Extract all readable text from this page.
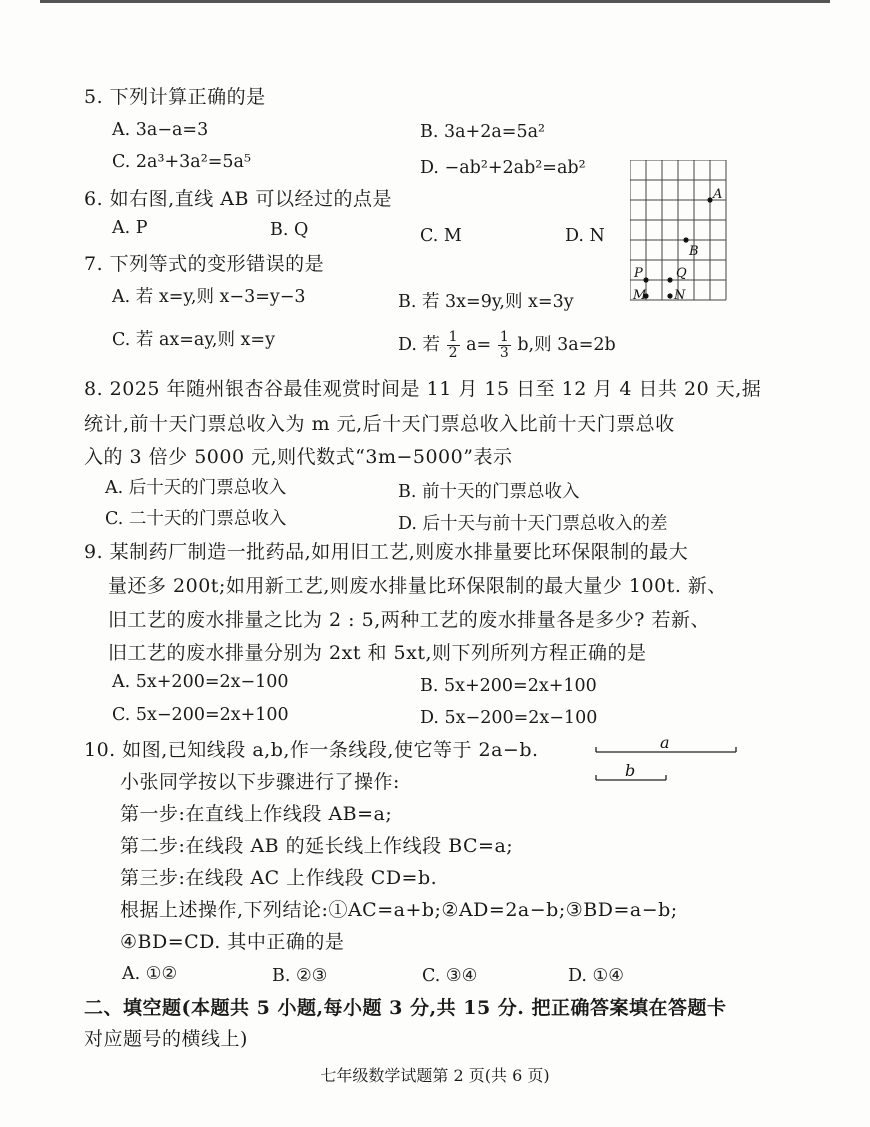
5. 下列计算正确的是
A. 3a−a=3	B. 3a+2a=5a²
C. 2a³+3a²=5a⁵	D. −ab²+2ab²=ab²
6. 如右图,直线 AB 可以经过的点是
A. P	B. Q	C. M	D. N
A
B
P	Q
M N
7. 下列等式的变形错误的是
A. 若 x=y,则 x−3=y−3	B. 若 3x=9y,则 x=3y
C. 若 ax=ay,则 x=y	D. 若 $\frac{1}{2} a= \frac{1}{3} b$,则 3a=2b
8. 2025 年随州银杏谷最佳观赏时间是 11 月 15 日至 12 月 4 日共 20 天,据
统计,前十天门票总收入为 m 元,后十天门票总收入比前十天门票总收
入的 3 倍少 5000 元,则代数式“3m−5000”表示
A. 后十天的门票总收入	B. 前十天的门票总收入
C. 二十天的门票总收入	D. 后十天与前十天门票总收入的差
9. 某制药厂制造一批药品,如用旧工艺,则废水排量要比环保限制的最大
量还多 200t;如用新工艺,则废水排量比环保限制的最大量少 100t. 新、
旧工艺的废水排量之比为 2 : 5,两种工艺的废水排量各是多少? 若新、
旧工艺的废水排量分别为 2xt 和 5xt,则下列所列方程正确的是
A. 5x+200=2x−100	B. 5x+200=2x+100
C. 5x−200=2x+100	D. 5x−200=2x−100
10. 如图,已知线段 a,b,作一条线段,使它等于 2a−b.
小张同学按以下步骤进行了操作:
a
b
第一步:在直线上作线段 AB=a;
第二步:在线段 AB 的延长线上作线段 BC=a;
第三步:在线段 AC 上作线段 CD=b.
根据上述操作,下列结论:①AC=a+b;②AD=2a−b;③BD=a−b;
④BD=CD. 其中正确的是
A. ①②	B. ②③	C. ③④	D. ①④
二、填空题(本题共 5 小题,每小题 3 分,共 15 分. 把正确答案填在答题卡
对应题号的横线上)
七年级数学试题第 2 页(共 6 页)
